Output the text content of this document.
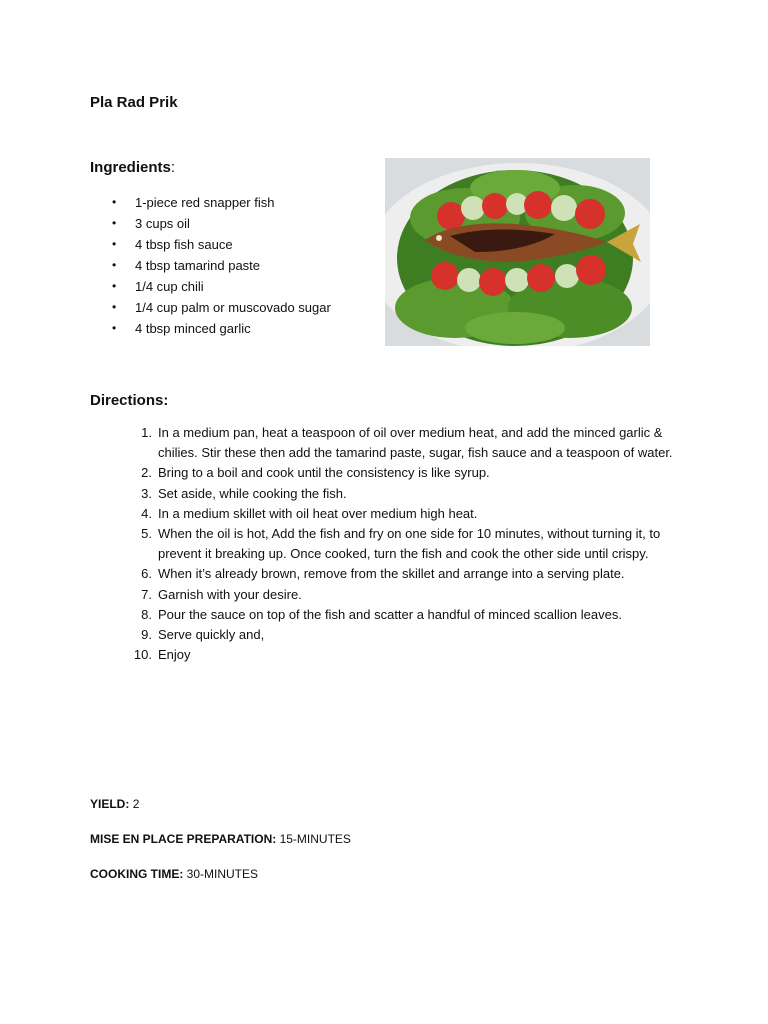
Pla Rad Prik
Ingredients:
• 1-piece red snapper fish
• 3 cups oil
• 4 tbsp fish sauce
• 4 tbsp tamarind paste
• 1/4 cup chili
• 1/4 cup palm or muscovado sugar
• 4 tbsp minced garlic
Directions:
1. In a medium pan, heat a teaspoon of oil over medium heat, and add the minced garlic & chilies. Stir these then add the tamarind paste, sugar, fish sauce and a teaspoon of water.
2. Bring to a boil and cook until the consistency is like syrup.
3. Set aside, while cooking the fish.
4. In a medium skillet with oil heat over medium high heat.
5. When the oil is hot, Add the fish and fry on one side for 10 minutes, without turning it, to prevent it breaking up. Once cooked, turn the fish and cook the other side until crispy.
6. When it’s already brown, remove from the skillet and arrange into a serving plate.
7. Garnish with your desire.
8. Pour the sauce on top of the fish and scatter a handful of minced scallion leaves.
9. Serve quickly and,
10. Enjoy
YIELD: 2
MISE EN PLACE PREPARATION: 15-MINUTES
COOKING TIME: 30-MINUTES
